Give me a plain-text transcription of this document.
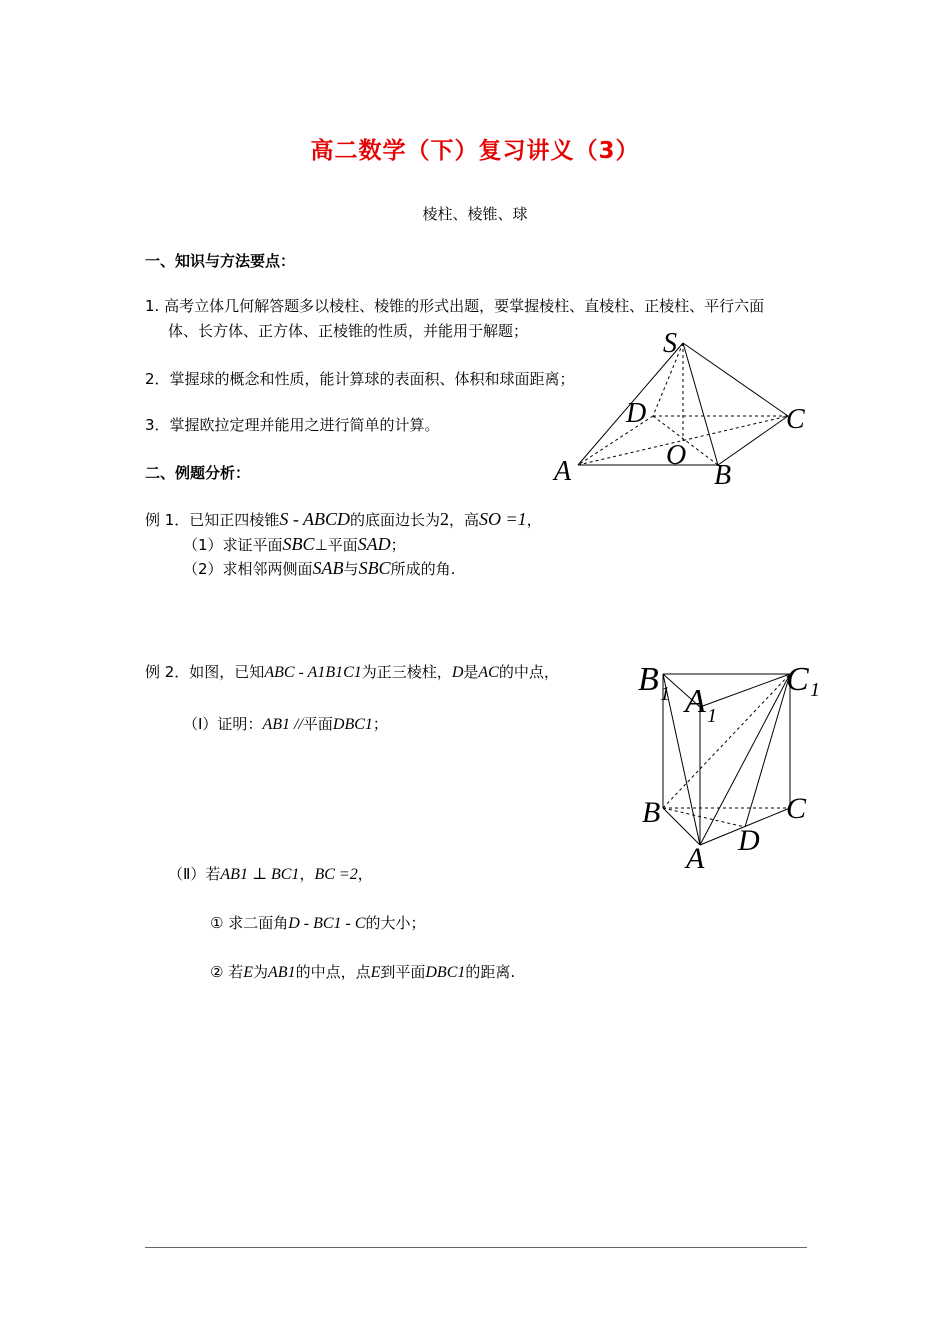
高二数学（下）复习讲义（3）
棱柱、棱锥、球
一、知识与方法要点：
1. 高考立体几何解答题多以棱柱、棱锥的形式出题，要掌握棱柱、直棱柱、正棱柱、平行六面
体、长方体、正方体、正棱锥的性质，并能用于解题；
2．掌握球的概念和性质，能计算球的表面积、体积和球面距离；
3．掌握欧拉定理并能用之进行简单的计算。
二、例题分析：
例 1．已知正四棱锥S - ABCD的底面边长为2，高SO =1，
（1）求证平面SBC⊥平面SAD；
（2）求相邻两侧面SAB与SBC所成的角.
例 2．如图，已知ABC - A1B1C1为正三棱柱，D是AC的中点，
（Ⅰ）证明：AB1 //平面DBC1；
（Ⅱ）若AB1 ⊥ BC1，BC =2，
① 求二面角D - BC1 - C的大小；
② 若E为AB1的中点，点E到平面DBC1的距离.
S
D	C
A
O
B
B 1 A 1
C 1
B	C
D
A
